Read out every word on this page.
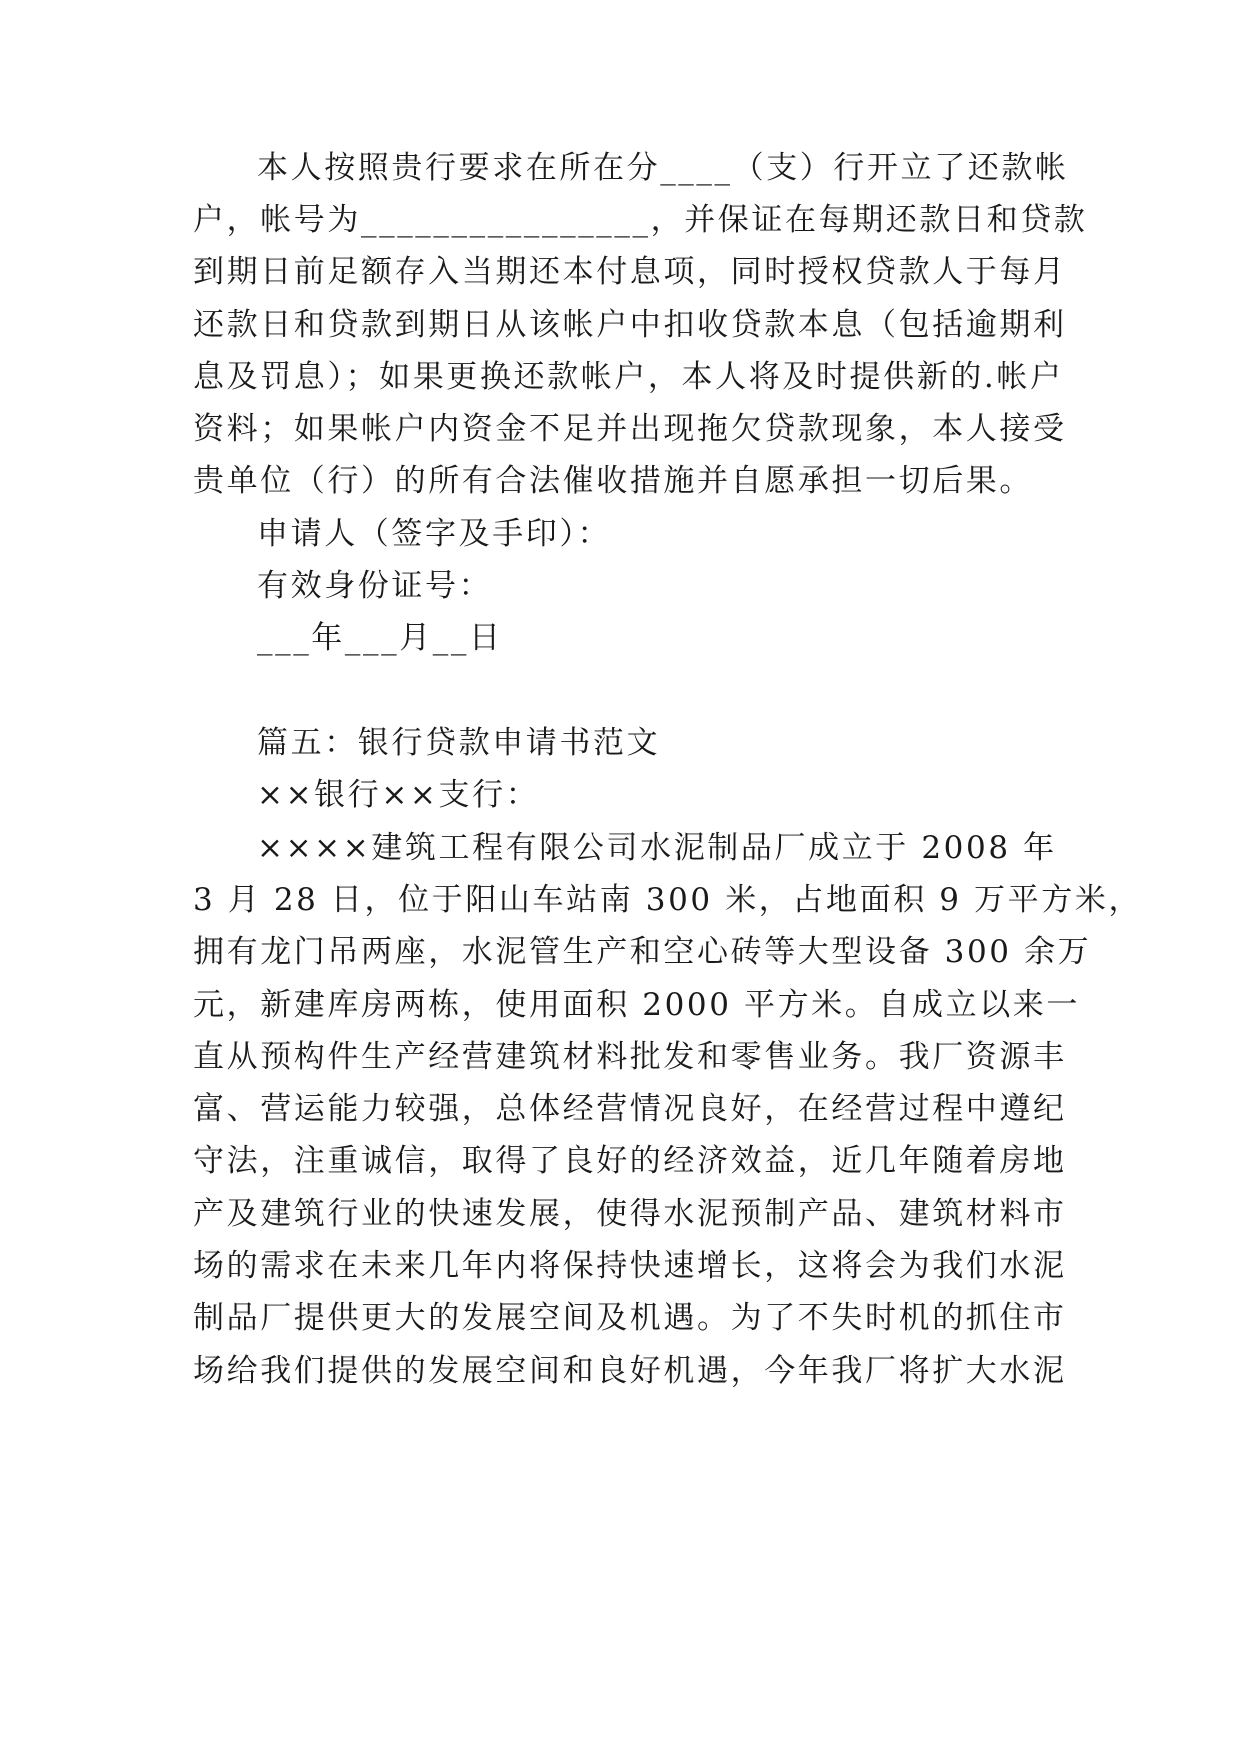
本人按照贵行要求在所在分____（支）行开立了还款帐
户，帐号为________________，并保证在每期还款日和贷款
到期日前足额存入当期还本付息项，同时授权贷款人于每月
还款日和贷款到期日从该帐户中扣收贷款本息（包括逾期利
息及罚息）；如果更换还款帐户，本人将及时提供新的.帐户
资料；如果帐户内资金不足并出现拖欠贷款现象，本人接受
贵单位（行）的所有合法催收措施并自愿承担一切后果。
申请人（签字及手印）：
有效身份证号：
___年___月__日
篇五：银行贷款申请书范文
××银行××支行：
××××建筑工程有限公司水泥制品厂成立于 2008 年
3 月 28 日，位于阳山车站南 300 米，占地面积 9 万平方米，
拥有龙门吊两座，水泥管生产和空心砖等大型设备 300 余万
元，新建库房两栋，使用面积 2000 平方米。自成立以来一
直从预构件生产经营建筑材料批发和零售业务。我厂资源丰
富、营运能力较强，总体经营情况良好，在经营过程中遵纪
守法，注重诚信，取得了良好的经济效益，近几年随着房地
产及建筑行业的快速发展，使得水泥预制产品、建筑材料市
场的需求在未来几年内将保持快速增长，这将会为我们水泥
制品厂提供更大的发展空间及机遇。为了不失时机的抓住市
场给我们提供的发展空间和良好机遇，今年我厂将扩大水泥
